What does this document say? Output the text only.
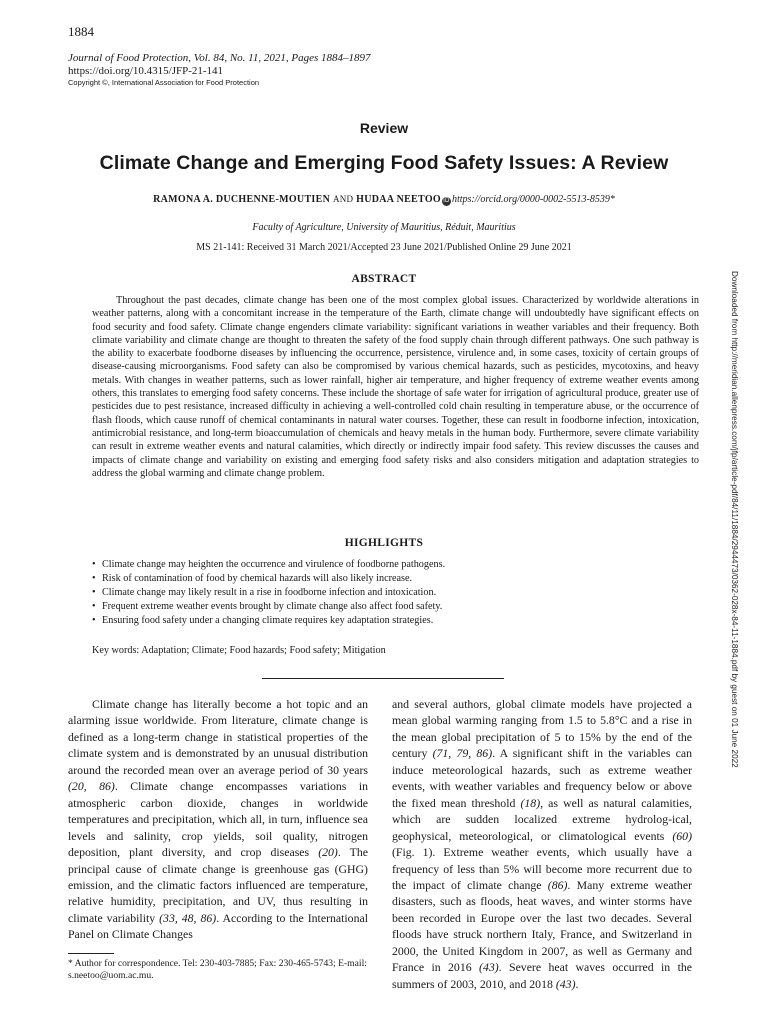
1884
Journal of Food Protection, Vol. 84, No. 11, 2021, Pages 1884–1897
https://doi.org/10.4315/JFP-21-141
Copyright ©, International Association for Food Protection
Review
Climate Change and Emerging Food Safety Issues: A Review
RAMONA A. DUCHENNE-MOUTIEN AND HUDAA NEETOO iD https://orcid.org/0000-0002-5513-8539*
Faculty of Agriculture, University of Mauritius, Réduit, Mauritius
MS 21-141: Received 31 March 2021/Accepted 23 June 2021/Published Online 29 June 2021
ABSTRACT

Throughout the past decades, climate change has been one of the most complex global issues. Characterized by worldwide alterations in weather patterns, along with a concomitant increase in the temperature of the Earth, climate change will undoubtedly have significant effects on food security and food safety. Climate change engenders climate variability: significant variations in weather variables and their frequency. Both climate variability and climate change are thought to threaten the safety of the food supply chain through different pathways. One such pathway is the ability to exacerbate foodborne diseases by influencing the occurrence, persistence, virulence and, in some cases, toxicity of certain groups of disease-causing microorganisms. Food safety can also be compromised by various chemical hazards, such as pesticides, mycotoxins, and heavy metals. With changes in weather patterns, such as lower rainfall, higher air temperature, and higher frequency of extreme weather events among others, this translates to emerging food safety concerns. These include the shortage of safe water for irrigation of agricultural produce, greater use of pesticides due to pest resistance, increased difficulty in achieving a well-controlled cold chain resulting in temperature abuse, or the occurrence of flash floods, which cause runoff of chemical contaminants in natural water courses. Together, these can result in foodborne infection, intoxication, antimicrobial resistance, and long-term bioaccumulation of chemicals and heavy metals in the human body. Furthermore, severe climate variability can result in extreme weather events and natural calamities, which directly or indirectly impair food safety. This review discusses the causes and impacts of climate change and variability on existing and emerging food safety risks and also considers mitigation and adaptation strategies to address the global warming and climate change problem.

HIGHLIGHTS
• Climate change may heighten the occurrence and virulence of foodborne pathogens.
• Risk of contamination of food by chemical hazards will also likely increase.
• Climate change may likely result in a rise in foodborne infection and intoxication.
• Frequent extreme weather events brought by climate change also affect food safety.
• Ensuring food safety under a changing climate requires key adaptation strategies.
Key words: Adaptation; Climate; Food hazards; Food safety; Mitigation

Climate change has literally become a hot topic and an alarming issue worldwide. From literature, climate change is defined as a long-term change in statistical properties of the climate system and is demonstrated by an unusual distribution around the recorded mean over an average period of 30 years (20, 86). Climate change encompasses variations in atmospheric carbon dioxide, changes in worldwide temperatures and precipitation, which all, in turn, influence sea levels and salinity, crop yields, soil quality, nitrogen deposition, plant diversity, and crop diseases (20). The principal cause of climate change is greenhouse gas (GHG) emission, and the climatic factors influenced are temperature, relative humidity, precipitation, and UV, thus resulting in climate variability (33, 48, 86). According to the International Panel on Climate Changes

and several authors, global climate models have projected a mean global warming ranging from 1.5 to 5.8°C and a rise in the mean global precipitation of 5 to 15% by the end of the century (71, 79, 86). A significant shift in the variables can induce meteorological hazards, such as extreme weather events, with weather variables and frequency below or above the fixed mean threshold (18), as well as natural calamities, which are sudden localized extreme hydrolog-ical, geophysical, meteorological, or climatological events (60) (Fig. 1). Extreme weather events, which usually have a frequency of less than 5% will become more recurrent due to the impact of climate change (86). Many extreme weather disasters, such as floods, heat waves, and winter storms have been recorded in Europe over the last two decades. Several floods have struck northern Italy, France, and Switzerland in 2000, the United Kingdom in 2007, as well as Germany and France in 2016 (43). Severe heat waves occurred in the summers of 2003, 2010, and 2018 (43).

* Author for correspondence. Tel: 230-403-7885; Fax: 230-465-5743; E-mail: s.neetoo@uom.ac.mu.

Downloaded from http://meridian.allenpress.com/jfp/article-pdf/84/11/1884/2944473/0362-028x-84-11-1884.pdf by guest on 01 June 2022
